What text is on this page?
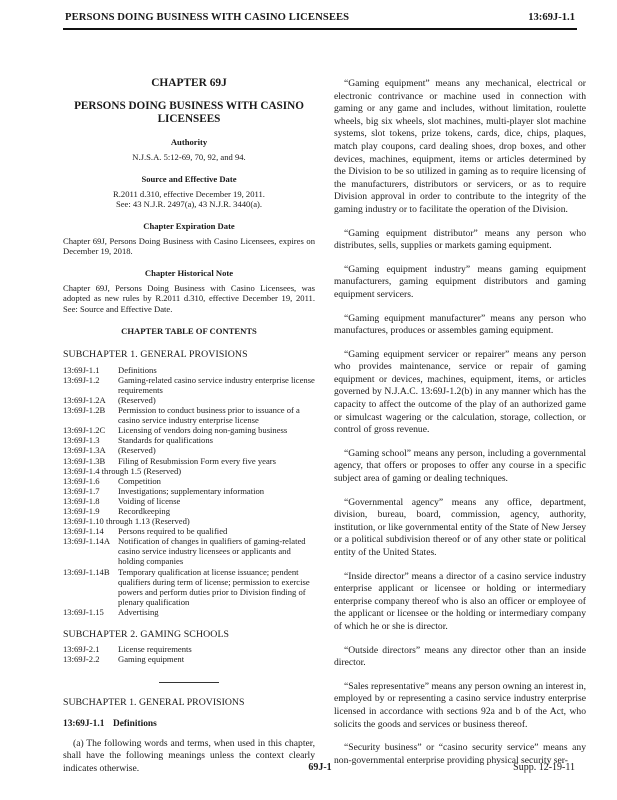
PERSONS DOING BUSINESS WITH CASINO LICENSEES	13:69J-1.1
CHAPTER 69J
PERSONS DOING BUSINESS WITH CASINO LICENSEES
Authority
N.J.S.A. 5:12-69, 70, 92, and 94.
Source and Effective Date
R.2011 d.310, effective December 19, 2011.
See: 43 N.J.R. 2497(a), 43 N.J.R. 3440(a).
Chapter Expiration Date
Chapter 69J, Persons Doing Business with Casino Licensees, expires on December 19, 2018.
Chapter Historical Note
Chapter 69J, Persons Doing Business with Casino Licensees, was adopted as new rules by R.2011 d.310, effective December 19, 2011. See: Source and Effective Date.
CHAPTER TABLE OF CONTENTS
SUBCHAPTER 1. GENERAL PROVISIONS
13:69J-1.1	Definitions
13:69J-1.2	Gaming-related casino service industry enterprise license requirements
13:69J-1.2A	(Reserved)
13:69J-1.2B	Permission to conduct business prior to issuance of a casino service industry enterprise license
13:69J-1.2C	Licensing of vendors doing non-gaming business
13:69J-1.3	Standards for qualifications
13:69J-1.3A	(Reserved)
13:69J-1.3B	Filing of Resubmission Form every five years
13:69J-1.4 through 1.5 (Reserved)
13:69J-1.6	Competition
13:69J-1.7	Investigations; supplementary information
13:69J-1.8	Voiding of license
13:69J-1.9	Recordkeeping
13:69J-1.10 through 1.13 (Reserved)
13:69J-1.14	Persons required to be qualified
13:69J-1.14A Notification of changes in qualifiers of gaming-related casino service industry licensees or applicants and holding companies
13:69J-1.14B Temporary qualification at license issuance; pendent qualifiers during term of license; permission to exercise powers and perform duties prior to Division finding of plenary qualification
13:69J-1.15	Advertising
SUBCHAPTER 2. GAMING SCHOOLS
13:69J-2.1	License requirements
13:69J-2.2	Gaming equipment
SUBCHAPTER 1. GENERAL PROVISIONS
13:69J-1.1 Definitions
(a) The following words and terms, when used in this chapter, shall have the following meanings unless the context clearly indicates otherwise.

“Gaming equipment” means any mechanical, electrical or electronic contrivance or machine used in connection with gaming or any game and includes, without limitation, roulette wheels, big six wheels, slot machines, multi-player slot machine systems, slot tokens, prize tokens, cards, dice, chips, plaques, match play coupons, card dealing shoes, drop boxes, and other devices, machines, equipment, items or articles determined by the Division to be so utilized in gaming as to require licensing of the manufacturers, distributors or servicers, or as to require Division approval in order to contribute to the integrity of the gaming industry or to facilitate the operation of the Division.

“Gaming equipment distributor” means any person who distributes, sells, supplies or markets gaming equipment.

“Gaming equipment industry” means gaming equipment manufacturers, gaming equipment distributors and gaming equipment servicers.

“Gaming equipment manufacturer” means any person who manufactures, produces or assembles gaming equipment.

“Gaming equipment servicer or repairer” means any person who provides maintenance, service or repair of gaming equipment or devices, machines, equipment, items, or articles governed by N.J.A.C. 13:69J-1.2(b) in any manner which has the capacity to affect the outcome of the play of an authorized game or simulcast wagering or the calculation, storage, collection, or control of gross revenue.

“Gaming school” means any person, including a governmental agency, that offers or proposes to offer any course in a specific subject area of gaming or dealing techniques.

“Governmental agency” means any office, department, division, bureau, board, commission, agency, authority, institution, or like governmental entity of the State of New Jersey or a political subdivision thereof or of any other state or political entity of the United States.

“Inside director” means a director of a casino service industry enterprise applicant or licensee or holding or intermediary enterprise company thereof who is also an officer or employee of the applicant or licensee or the holding or intermediary company of which he or she is director.

“Outside directors” means any director other than an inside director.

“Sales representative” means any person owning an interest in, employed by or representing a casino service industry enterprise licensed in accordance with sections 92a and b of the Act, who solicits the goods and services or business thereof.

“Security business” or “casino security service” means any non-governmental enterprise providing physical security ser-

69J-1	Supp. 12-19-11
